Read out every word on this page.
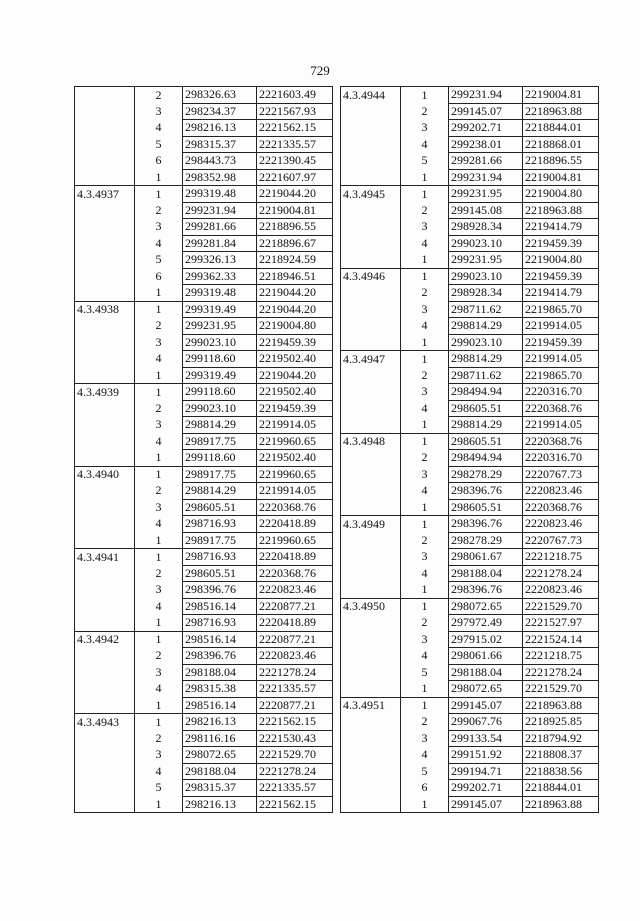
729
	2	298326.63	2221603.49
	3	298234.37	2221567.93
	4	298216.13	2221562.15
	5	298315.37	2221335.57
	6	298443.73	2221390.45
	1	298352.98	2221607.97
4.3.4937	1	299319.48	2219044.20
	2	299231.94	2219004.81
	3	299281.66	2218896.55
	4	299281.84	2218896.67
	5	299326.13	2218924.59
	6	299362.33	2218946.51
	1	299319.48	2219044.20
4.3.4938	1	299319.49	2219044.20
	2	299231.95	2219004.80
	3	299023.10	2219459.39
	4	299118.60	2219502.40
	1	299319.49	2219044.20
4.3.4939	1	299118.60	2219502.40
	2	299023.10	2219459.39
	3	298814.29	2219914.05
	4	298917.75	2219960.65
	1	299118.60	2219502.40
4.3.4940	1	298917.75	2219960.65
	2	298814.29	2219914.05
	3	298605.51	2220368.76
	4	298716.93	2220418.89
	1	298917.75	2219960.65
4.3.4941	1	298716.93	2220418.89
	2	298605.51	2220368.76
	3	298396.76	2220823.46
	4	298516.14	2220877.21
	1	298716.93	2220418.89
4.3.4942	1	298516.14	2220877.21
	2	298396.76	2220823.46
	3	298188.04	2221278.24
	4	298315.38	2221335.57
	1	298516.14	2220877.21
4.3.4943	1	298216.13	2221562.15
	2	298116.16	2221530.43
	3	298072.65	2221529.70
	4	298188.04	2221278.24
	5	298315.37	2221335.57
	1	298216.13	2221562.15
4.3.4944	1	299231.94	2219004.81
	2	299145.07	2218963.88
	3	299202.71	2218844.01
	4	299238.01	2218868.01
	5	299281.66	2218896.55
	1	299231.94	2219004.81
4.3.4945	1	299231.95	2219004.80
	2	299145.08	2218963.88
	3	298928.34	2219414.79
	4	299023.10	2219459.39
	1	299231.95	2219004.80
4.3.4946	1	299023.10	2219459.39
	2	298928.34	2219414.79
	3	298711.62	2219865.70
	4	298814.29	2219914.05
	1	299023.10	2219459.39
4.3.4947	1	298814.29	2219914.05
	2	298711.62	2219865.70
	3	298494.94	2220316.70
	4	298605.51	2220368.76
	1	298814.29	2219914.05
4.3.4948	1	298605.51	2220368.76
	2	298494.94	2220316.70
	3	298278.29	2220767.73
	4	298396.76	2220823.46
	1	298605.51	2220368.76
4.3.4949	1	298396.76	2220823.46
	2	298278.29	2220767.73
	3	298061.67	2221218.75
	4	298188.04	2221278.24
	1	298396.76	2220823.46
4.3.4950	1	298072.65	2221529.70
	2	297972.49	2221527.97
	3	297915.02	2221524.14
	4	298061.66	2221218.75
	5	298188.04	2221278.24
	1	298072.65	2221529.70
4.3.4951	1	299145.07	2218963.88
	2	299067.76	2218925.85
	3	299133.54	2218794.92
	4	299151.92	2218808.37
	5	299194.71	2218838.56
	6	299202.71	2218844.01
	1	299145.07	2218963.88
